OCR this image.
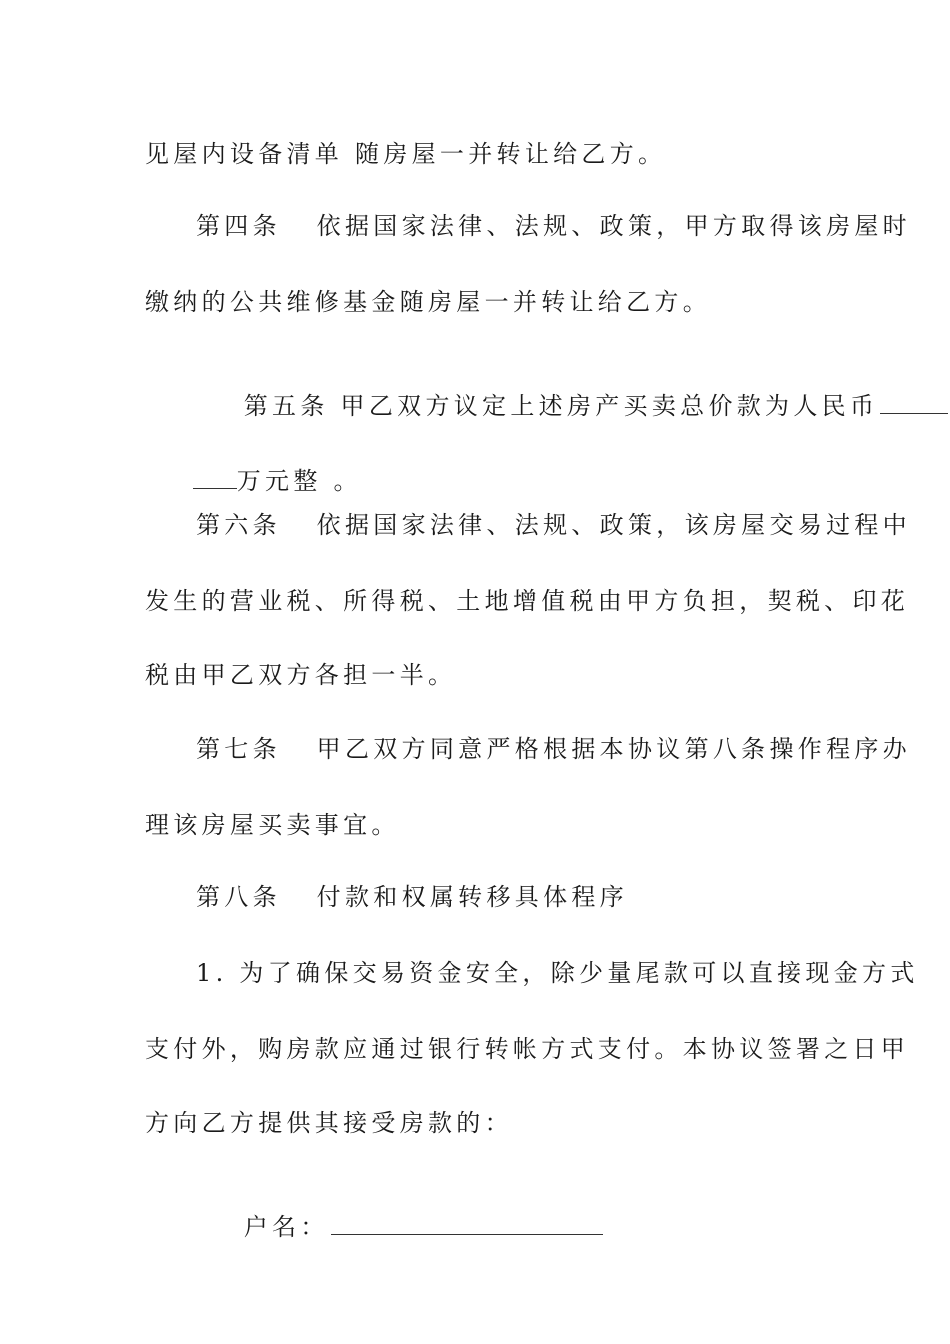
见屋内设备清单 随房屋一并转让给乙方。

第四条   依据国家法律、法规、政策，甲方取得该房屋时

缴纳的公共维修基金随房屋一并转让给乙方。

第五条 甲乙双方议定上述房产买卖总价款为人民币

万元整 。

第六条   依据国家法律、法规、政策，该房屋交易过程中

发生的营业税、所得税、土地增值税由甲方负担，契税、印花

税由甲乙双方各担一半。

第七条   甲乙双方同意严格根据本协议第八条操作程序办

理该房屋买卖事宜。

第八条   付款和权属转移具体程序

1. 为了确保交易资金安全，除少量尾款可以直接现金方式

支付外，购房款应通过银行转帐方式支付。本协议签署之日甲

方向乙方提供其接受房款的：

户名：
